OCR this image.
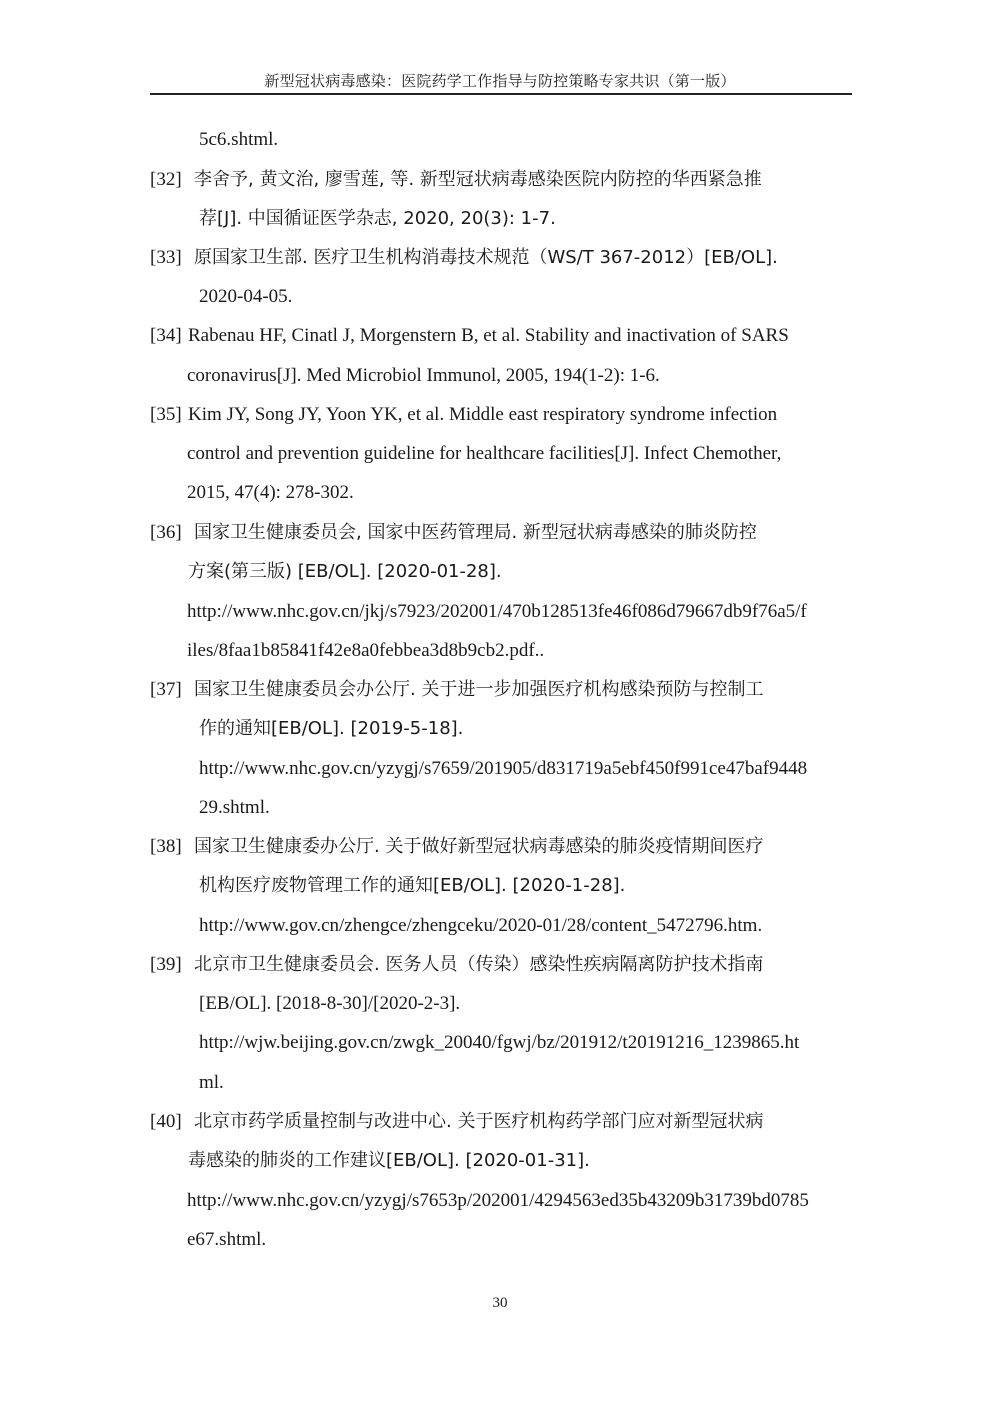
新型冠状病毒感染：医院药学工作指导与防控策略专家共识（第一版）
5c6.shtml.
[32] 李舍予, 黄文治, 廖雪莲, 等. 新型冠状病毒感染医院内防控的华西紧急推
荐[J]. 中国循证医学杂志, 2020, 20(3): 1-7.
[33] 原国家卫生部. 医疗卫生机构消毒技术规范（WS/T 367-2012）[EB/OL].
2020-04-05.
[34] Rabenau HF, Cinatl J, Morgenstern B, et al. Stability and inactivation of SARS
coronavirus[J]. Med Microbiol Immunol, 2005, 194(1-2): 1-6.
[35] Kim JY, Song JY, Yoon YK, et al. Middle east respiratory syndrome infection
control and prevention guideline for healthcare facilities[J]. Infect Chemother,
2015, 47(4): 278-302.
[36] 国家卫生健康委员会, 国家中医药管理局. 新型冠状病毒感染的肺炎防控
方案(第三版) [EB/OL]. [2020-01-28].
http://www.nhc.gov.cn/jkj/s7923/202001/470b128513fe46f086d79667db9f76a5/f
iles/8faa1b85841f42e8a0febbea3d8b9cb2.pdf..
[37] 国家卫生健康委员会办公厅. 关于进一步加强医疗机构感染预防与控制工
作的通知[EB/OL]. [2019-5-18].
http://www.nhc.gov.cn/yzygj/s7659/201905/d831719a5ebf450f991ce47baf9448
29.shtml.
[38] 国家卫生健康委办公厅. 关于做好新型冠状病毒感染的肺炎疫情期间医疗
机构医疗废物管理工作的通知[EB/OL]. [2020-1-28].
http://www.gov.cn/zhengce/zhengceku/2020-01/28/content_5472796.htm.
[39] 北京市卫生健康委员会. 医务人员（传染）感染性疾病隔离防护技术指南
[EB/OL]. [2018-8-30]/[2020-2-3].
http://wjw.beijing.gov.cn/zwgk_20040/fgwj/bz/201912/t20191216_1239865.ht
ml.
[40] 北京市药学质量控制与改进中心. 关于医疗机构药学部门应对新型冠状病
毒感染的肺炎的工作建议[EB/OL]. [2020-01-31].
http://www.nhc.gov.cn/yzygj/s7653p/202001/4294563ed35b43209b31739bd0785
e67.shtml.
30
